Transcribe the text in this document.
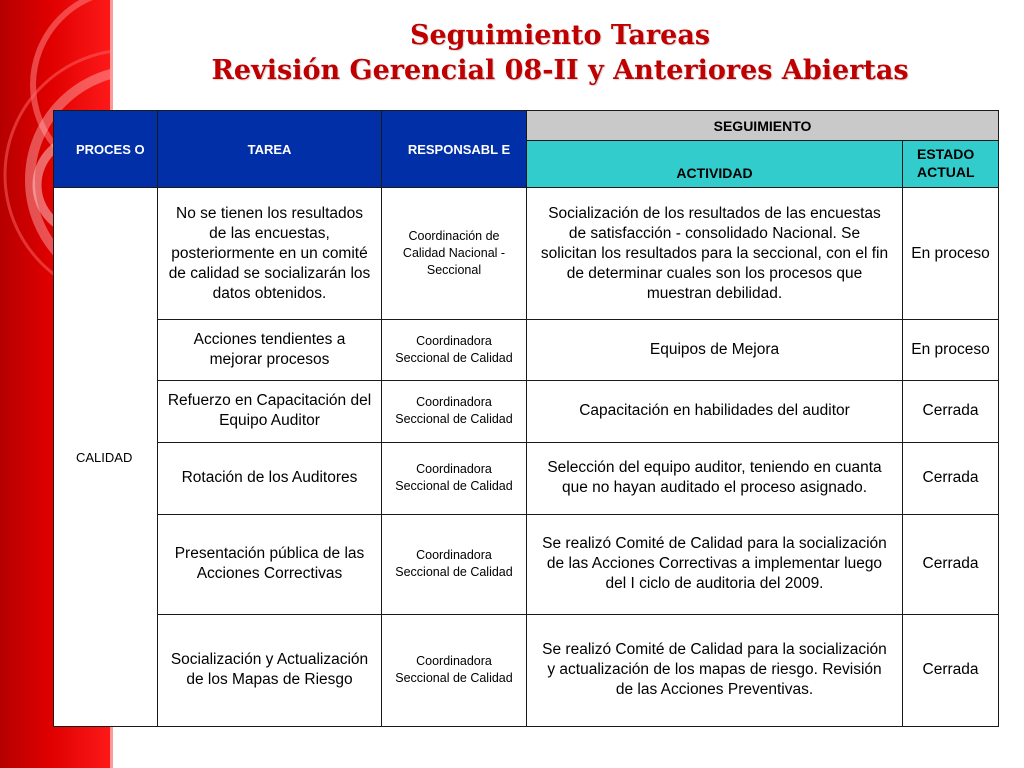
Seguimiento Tareas
Revisión Gerencial 08-II y Anteriores Abiertas
PROCES O	TAREA	RESPONSABL E	SEGUIMIENTO	
			ACTIVIDAD	ESTADO ACTUAL
CALIDAD	No se tienen los resultados de las encuestas, posteriormente en un comité de calidad se socializarán los datos obtenidos.	Coordinación de Calidad Nacional - Seccional	Socialización de los resultados de las encuestas de satisfacción - consolidado Nacional. Se solicitan los resultados para la seccional, con el fin de determinar cuales son los procesos que muestran debilidad.	En proceso
	Acciones tendientes a mejorar procesos	Coordinadora Seccional de Calidad	Equipos de Mejora	En proceso
	Refuerzo en Capacitación del Equipo Auditor	Coordinadora Seccional de Calidad	Capacitación en habilidades del auditor	Cerrada
	Rotación de los Auditores	Coordinadora Seccional de Calidad	Selección del equipo auditor, teniendo en cuanta que no hayan auditado el proceso asignado.	Cerrada
	Presentación pública de las Acciones Correctivas	Coordinadora Seccional de Calidad	Se realizó Comité de Calidad para la socialización de las Acciones Correctivas a implementar luego del I ciclo de auditoria del 2009.	Cerrada
	Socialización y Actualización de los Mapas de Riesgo	Coordinadora Seccional de Calidad	Se realizó Comité de Calidad para la socialización y actualización de los mapas de riesgo. Revisión de las Acciones Preventivas.	Cerrada
